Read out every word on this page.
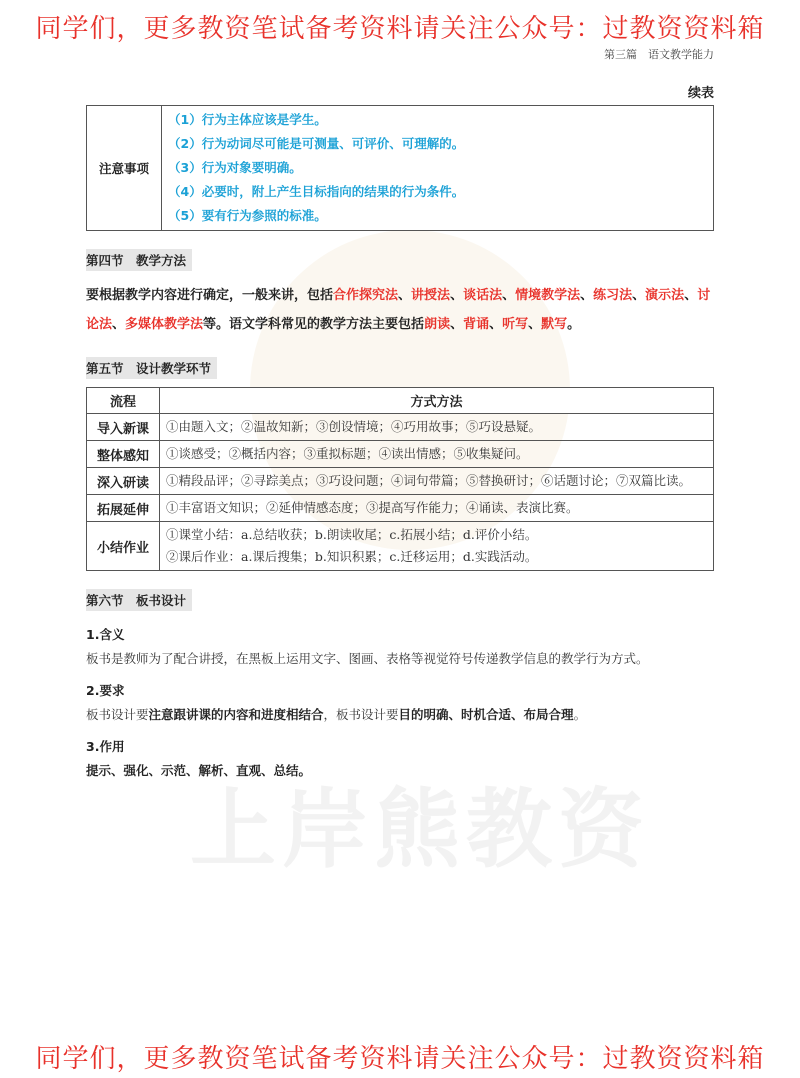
上岸熊教资
同学们，更多教资笔试备考资料请关注公众号：过教资资料箱
第三篇　语文教学能力
续表
注意事项	
（1）行为主体应该是学生。
（2）行为动词尽可能是可测量、可评价、可理解的。
（3）行为对象要明确。
（4）必要时，附上产生目标指向的结果的行为条件。
（5）要有行为参照的标准。
第四节　教学方法
要根据教学内容进行确定，一般来讲，包括合作探究法、讲授法、谈话法、情境教学法、练习法、演示法、讨论法、多媒体教学法等。语文学科常见的教学方法主要包括朗读、背诵、听写、默写。
第五节　设计教学环节
流程	方式方法
导入新课	①由题入文；②温故知新；③创设情境；④巧用故事；⑤巧设悬疑。
整体感知	①谈感受；②概括内容；③重拟标题；④读出情感；⑤收集疑问。
深入研读	①精段品评；②寻踪美点；③巧设问题；④词句带篇；⑤替换研讨；⑥话题讨论；⑦双篇比读。
拓展延伸	①丰富语文知识；②延伸情感态度；③提高写作能力；④诵读、表演比赛。
小结作业	①课堂小结：a.总结收获；b.朗读收尾；c.拓展小结；d.评价小结。
②课后作业：a.课后搜集；b.知识积累；c.迁移运用；d.实践活动。
第六节　板书设计
1.含义
板书是教师为了配合讲授，在黑板上运用文字、图画、表格等视觉符号传递教学信息的教学行为方式。
2.要求
板书设计要注意跟讲课的内容和进度相结合，板书设计要目的明确、时机合适、布局合理。
3.作用
提示、强化、示范、解析、直观、总结。
同学们，更多教资笔试备考资料请关注公众号：过教资资料箱
